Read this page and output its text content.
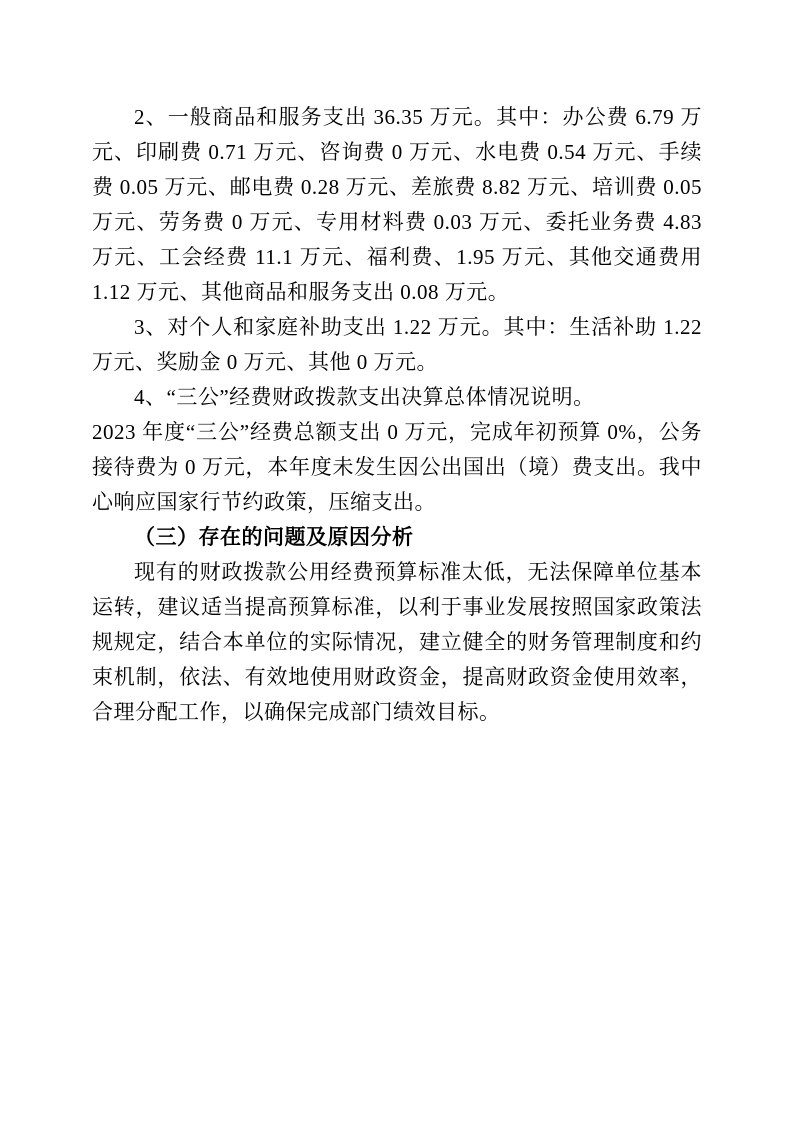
2、一般商品和服务支出 36.35 万元。其中：办公费 6.79 万元、印刷费 0.71 万元、咨询费 0 万元、水电费 0.54 万元、手续费 0.05 万元、邮电费 0.28 万元、差旅费 8.82 万元、培训费 0.05 万元、劳务费 0 万元、专用材料费 0.03 万元、委托业务费 4.83 万元、工会经费 11.1 万元、福利费、1.95 万元、其他交通费用 1.12 万元、其他商品和服务支出 0.08 万元。

3、对个人和家庭补助支出 1.22 万元。其中：生活补助 1.22 万元、奖励金 0 万元、其他 0 万元。

4、“三公”经费财政拨款支出决算总体情况说明。

2023 年度“三公”经费总额支出 0 万元，完成年初预算 0%，公务接待费为 0 万元，本年度未发生因公出国出（境）费支出。我中心响应国家行节约政策，压缩支出。

（三）存在的问题及原因分析

现有的财政拨款公用经费预算标准太低，无法保障单位基本运转，建议适当提高预算标准，以利于事业发展按照国家政策法规规定，结合本单位的实际情况，建立健全的财务管理制度和约束机制，依法、有效地使用财政资金，提高财政资金使用效率，合理分配工作，以确保完成部门绩效目标。
